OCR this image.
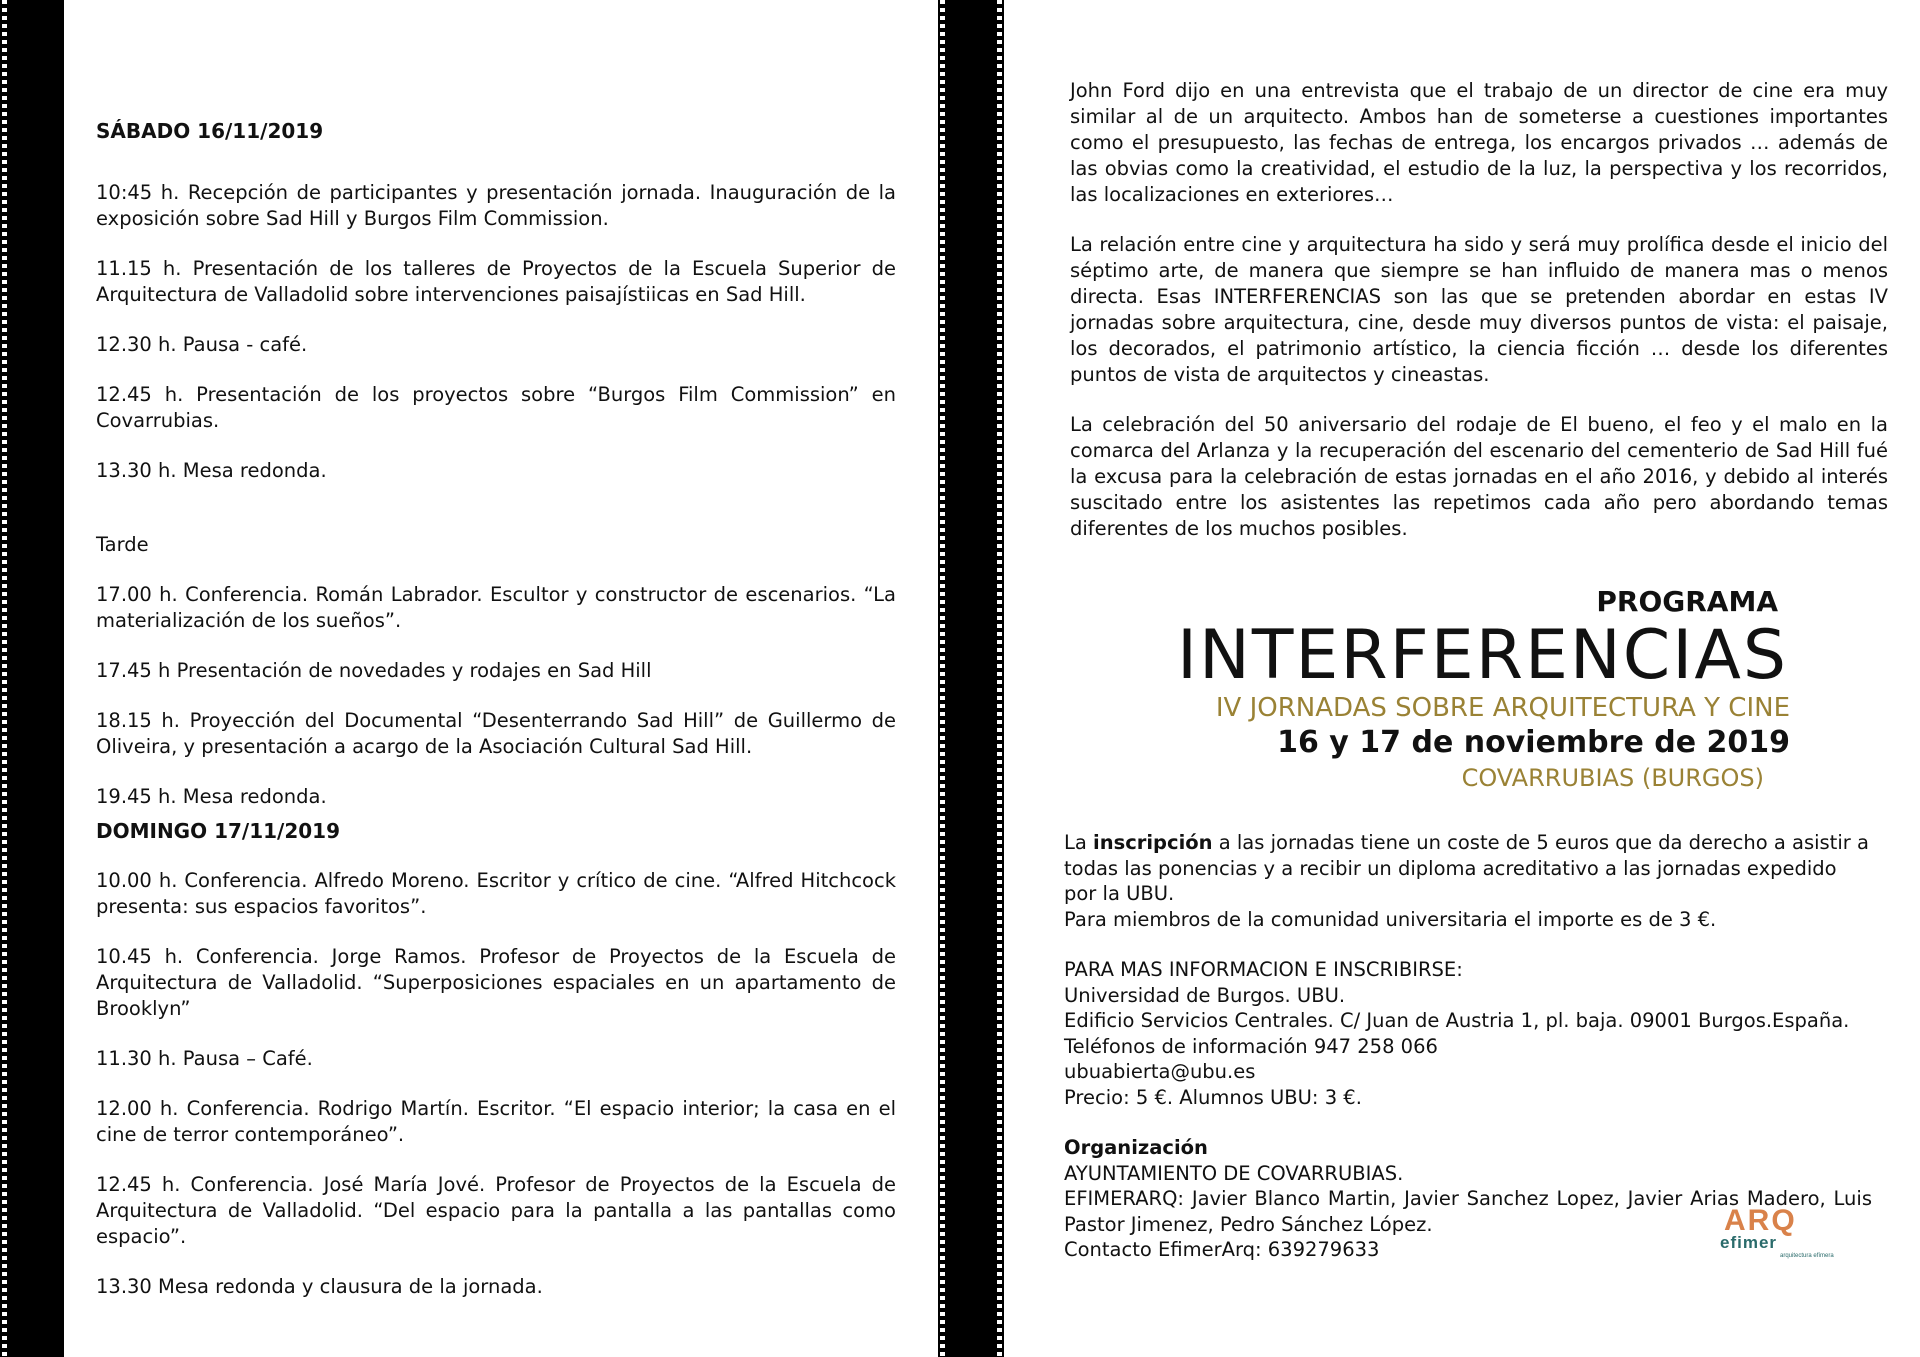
SÁBADO 16/11/2019

10:45 h. Recepción de participantes y presentación jornada. Inauguración de la exposición sobre Sad Hill y Burgos Film Commission.

11.15 h. Presentación de los talleres de Proyectos de la Escuela Superior de Arquitectura de Valladolid sobre intervenciones paisajístiicas en Sad Hill.

12.30 h. Pausa - café.

12.45 h. Presentación de los proyectos sobre “Burgos Film Commission” en Covarrubias.

13.30 h. Mesa redonda.

Tarde

17.00 h. Conferencia. Román Labrador. Escultor y constructor de escenarios. “La materialización de los sueños”.

17.45 h Presentación de novedades y rodajes en Sad Hill

18.15 h. Proyección del Documental “Desenterrando Sad Hill” de Guillermo de Oliveira, y presentación a acargo de la Asociación Cultural Sad Hill.

19.45 h. Mesa redonda.

DOMINGO 17/11/2019

10.00 h. Conferencia. Alfredo Moreno. Escritor y crítico de cine. “Alfred Hitchcock presenta: sus espacios favoritos”.

10.45 h. Conferencia. Jorge Ramos. Profesor de Proyectos de la Escuela de Arquitectura de Valladolid. “Superposiciones espaciales en un apartamento de Brooklyn”

11.30 h. Pausa – Café.

12.00 h. Conferencia. Rodrigo Martín. Escritor. “El espacio interior; la casa en el cine de terror contemporáneo”.

12.45 h. Conferencia. José María Jové. Profesor de Proyectos de la Escuela de Arquitectura de Valladolid. “Del espacio para la pantalla a las pantallas como espacio”.

13.30 Mesa redonda y clausura de la jornada.

John Ford dijo en una entrevista que el trabajo de un director de cine era muy similar al de un arquitecto. Ambos han de someterse a cuestiones importantes como el presupuesto, las fechas de entrega, los encargos privados … además de las obvias como la creatividad, el estudio de la luz, la perspectiva y los recorridos, las localizaciones en exteriores…

La relación entre cine y arquitectura ha sido y será muy prolífica desde el inicio del séptimo arte, de manera que siempre se han influido de manera mas o menos directa. Esas INTERFERENCIAS son las que se pretenden abordar en estas IV jornadas sobre arquitectura, cine, desde muy diversos puntos de vista: el paisaje, los decorados, el patrimonio artístico, la ciencia ficción … desde los diferentes puntos de vista de arquitectos y cineastas.

La celebración del 50 aniversario del rodaje de El bueno, el feo y el malo en la comarca del Arlanza y la recuperación del escenario del cementerio de Sad Hill fué la excusa para la celebración de estas jornadas en el año 2016, y debido al interés suscitado entre los asistentes las repetimos cada año pero abordando temas diferentes de los muchos posibles.

PROGRAMA
INTERFERENCIAS
IV JORNADAS SOBRE ARQUITECTURA Y CINE
16 y 17 de noviembre de 2019
COVARRUBIAS (BURGOS)

La inscripción a las jornadas tiene un coste de 5 euros que da derecho a asistir a todas las ponencias y a recibir un diploma acreditativo a las jornadas expedido por la UBU.

Para miembros de la comunidad universitaria el importe es de 3 €.

PARA MAS INFORMACION E INSCRIBIRSE:

Universidad de Burgos. UBU.

Edificio Servicios Centrales. C/ Juan de Austria 1, pl. baja. 09001 Burgos.España.

Teléfonos de información 947 258 066

ubuabierta@ubu.es

Precio: 5 €. Alumnos UBU: 3 €.

Organización

AYUNTAMIENTO DE COVARRUBIAS.

EFIMERARQ: Javier Blanco Martin, Javier Sanchez Lopez, Javier Arias Madero, Luis Pastor Jimenez, Pedro Sánchez López.

Contacto EfimerArq: 639279633

ARQ
efimer
arquitectura efímera
